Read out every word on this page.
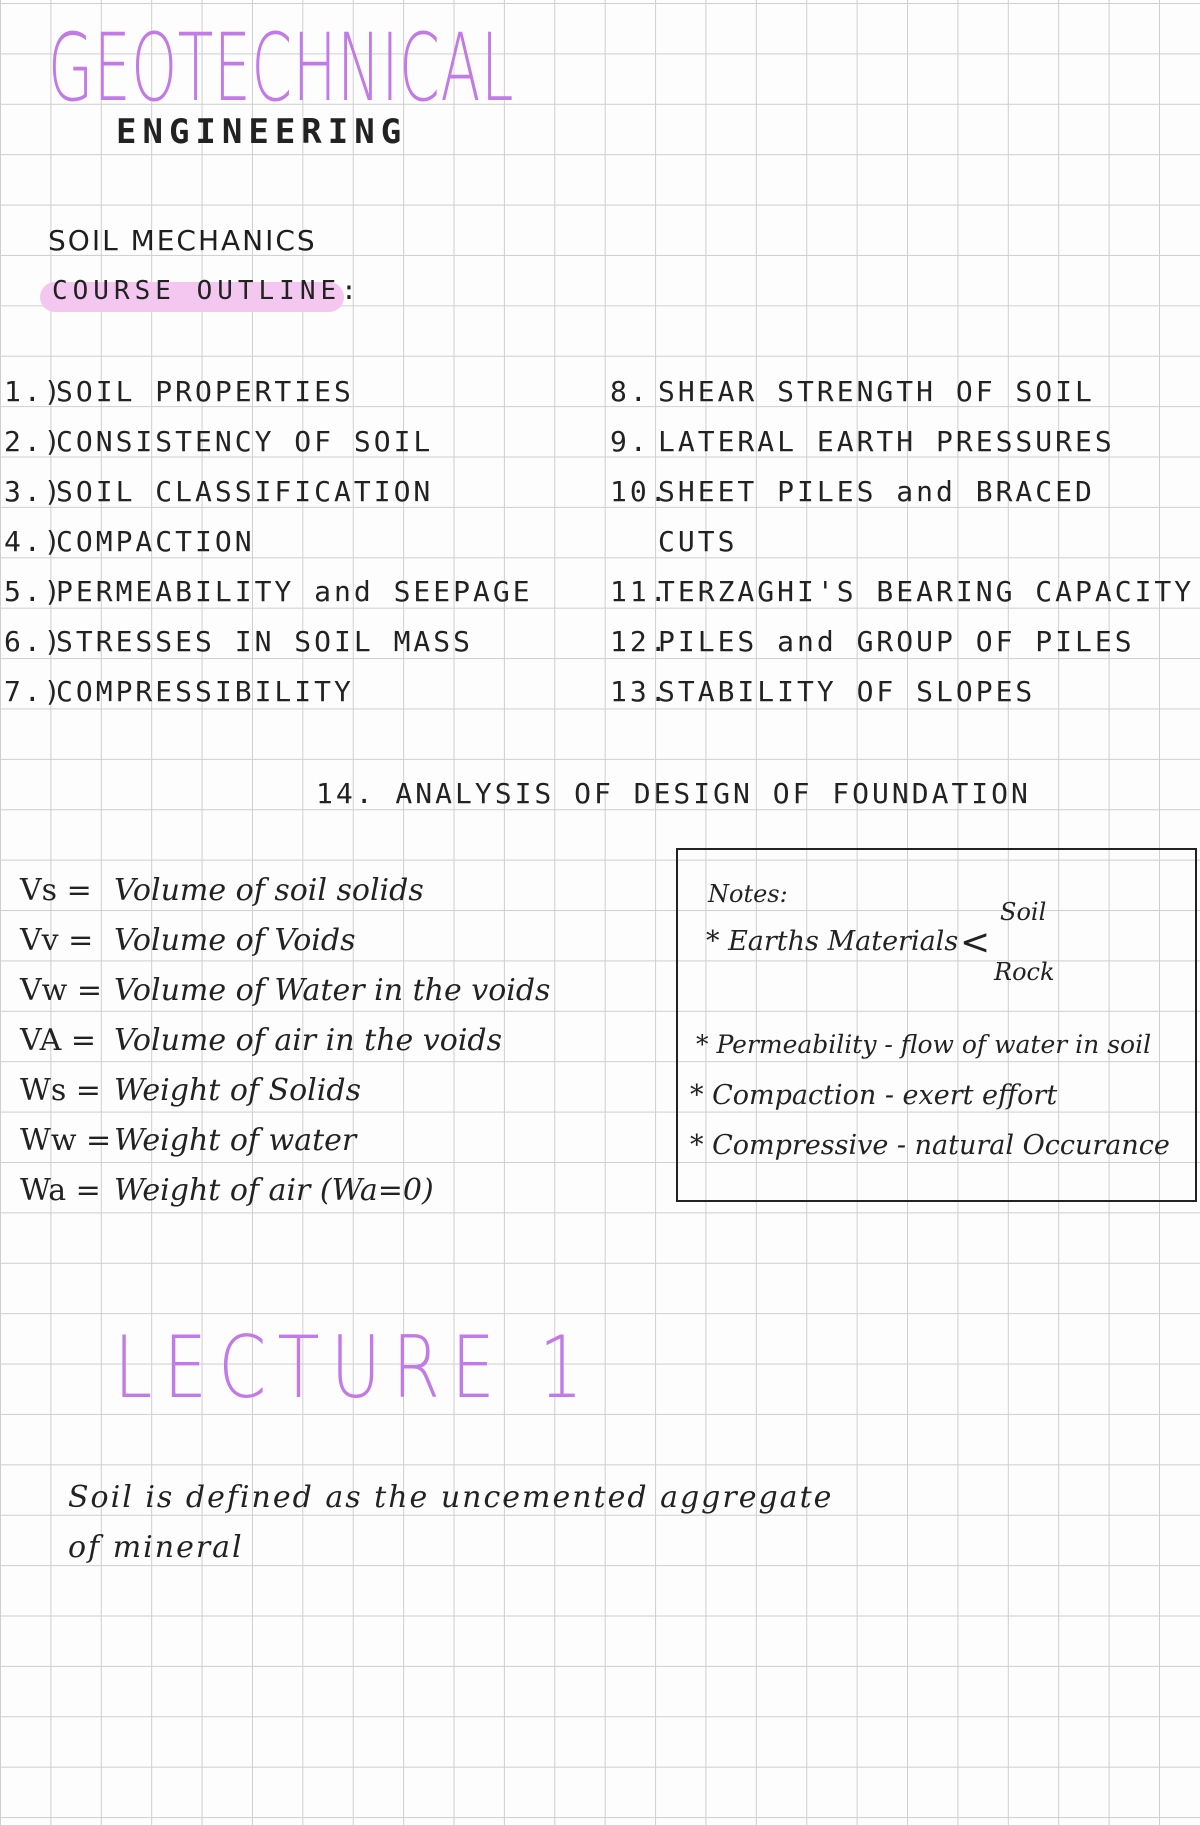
GEOTECHNICAL
ENGINEERING
SOIL MECHANICS
COURSE OUTLINE:
1.)SOIL PROPERTIES
2.)CONSISTENCY OF SOIL
3.)SOIL CLASSIFICATION
4.)COMPACTION
5.)PERMEABILITY and SEEPAGE
6.)STRESSES IN SOIL MASS
7.)COMPRESSIBILITY
8. SHEAR STRENGTH OF SOIL
9. LATERAL EARTH PRESSURES
10.SHEET PILES and BRACED
CUTS
11.TERZAGHI'S BEARING CAPACITY
12.PILES and GROUP OF PILES
13.STABILITY OF SLOPES
14. ANALYSIS OF DESIGN OF FOUNDATION
Vs = Volume of soil solids
Vv = Volume of Voids
Vw = Volume of Water in the voids
VA = Volume of air in the voids
Ws = Weight of Solids
Ww =Weight of water
Wa = Weight of air (Wa=0)
Notes:
* Earths Materials <
Soil
Rock
* Permeability - flow of water in soil
* Compaction - exert effort
* Compressive - natural Occurance
LECTURE 1
Soil is defined as the uncemented aggregate
of mineral
